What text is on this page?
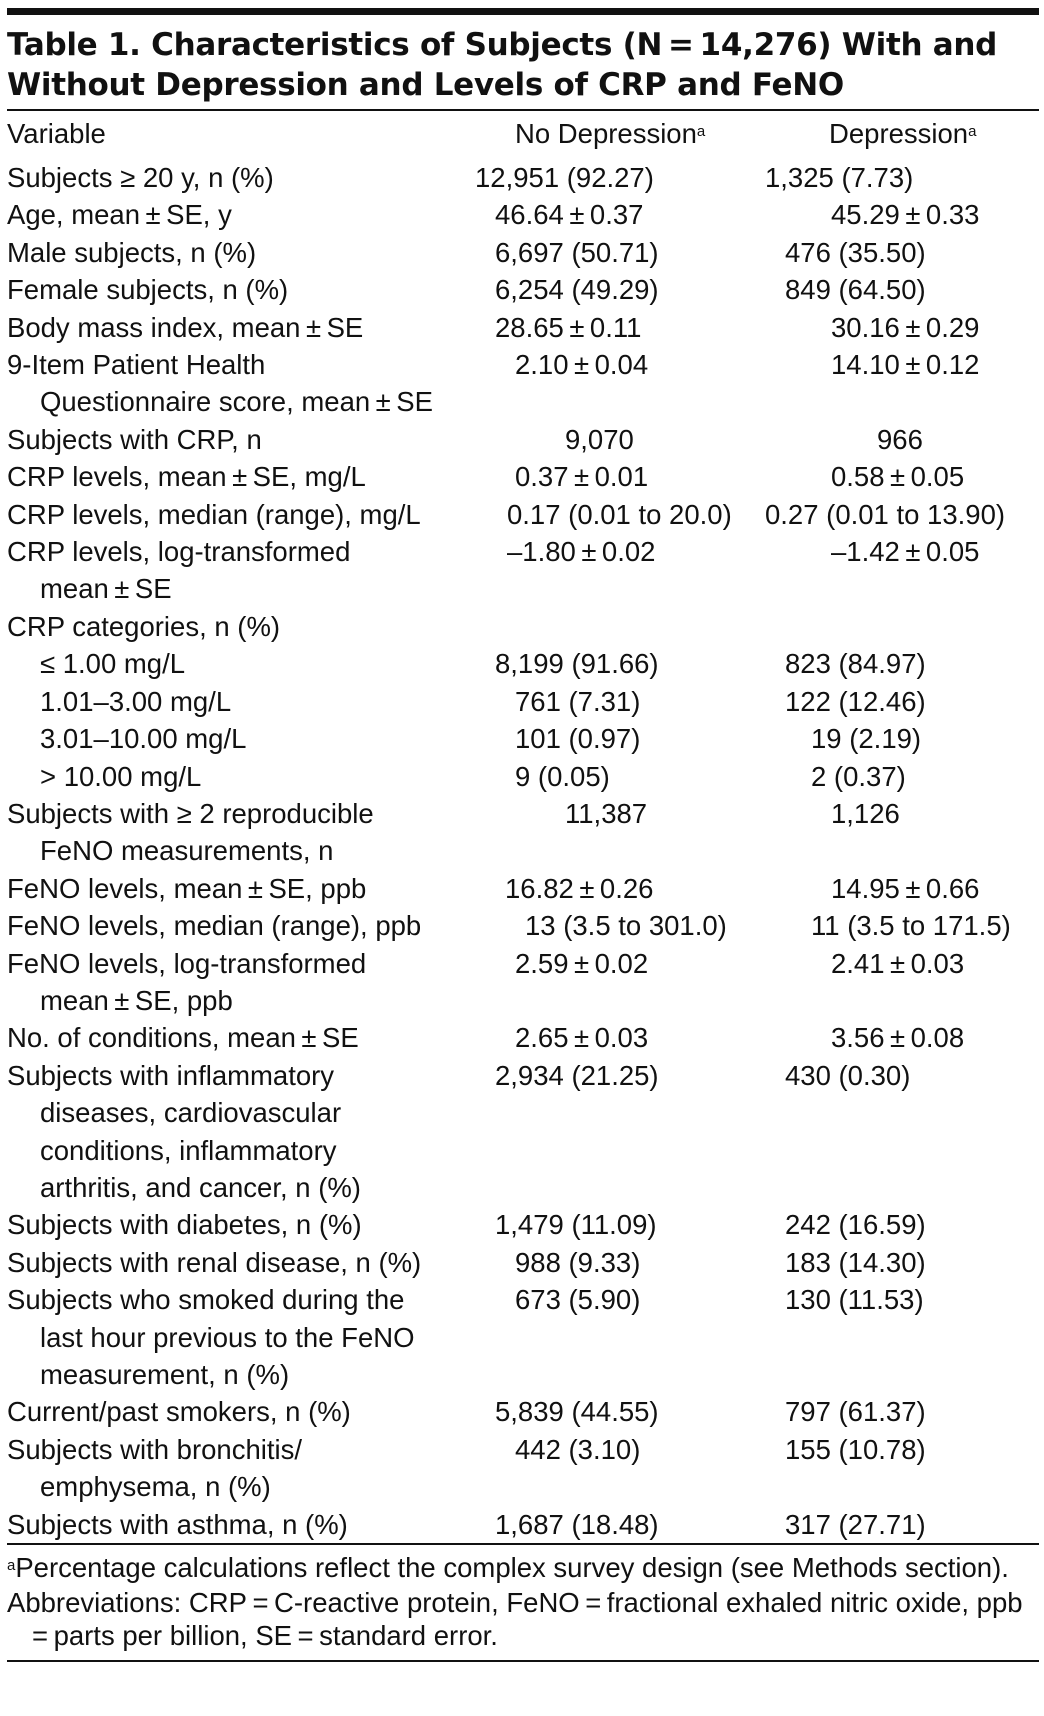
Table 1. Characteristics of Subjects (N = 14,276) With and
Without Depression and Levels of CRP and FeNO
Variable	No Depression$^a$	Depression$^a$
Subjects ≥ 20 y, n (%)	12,951 (92.27)	1,325 (7.73)
Age, mean ± SE, y	46.64 ± 0.37	45.29 ± 0.33
Male subjects, n (%)	6,697 (50.71)	476 (35.50)
Female subjects, n (%)	6,254 (49.29)	849 (64.50)
Body mass index, mean ± SE	28.65 ± 0.11	30.16 ± 0.29
9-Item Patient Health
Questionnaire score, mean ± SE	2.10 ± 0.04	14.10 ± 0.12
Subjects with CRP, n	9,070	966
CRP levels, mean ± SE, mg/L	0.37 ± 0.01	0.58 ± 0.05
CRP levels, median (range), mg/L	0.17 (0.01 to 20.0)	0.27 (0.01 to 13.90)
CRP levels, log-transformed
mean ± SE	–1.80 ± 0.02	–1.42 ± 0.05
CRP categories, n (%)		
≤ 1.00 mg/L	8,199 (91.66)	823 (84.97)
1.01–3.00 mg/L	761 (7.31)	122 (12.46)
3.01–10.00 mg/L	101 (0.97)	19 (2.19)
> 10.00 mg/L	9 (0.05)	2 (0.37)
Subjects with ≥ 2 reproducible
FeNO measurements, n	11,387	1,126
FeNO levels, mean ± SE, ppb	16.82 ± 0.26	14.95 ± 0.66
FeNO levels, median (range), ppb	13 (3.5 to 301.0)	11 (3.5 to 171.5)
FeNO levels, log-transformed
mean ± SE, ppb	2.59 ± 0.02	2.41 ± 0.03
No. of conditions, mean ± SE	2.65 ± 0.03	3.56 ± 0.08
Subjects with inflammatory
diseases, cardiovascular
conditions, inflammatory
arthritis, and cancer, n (%)	2,934 (21.25)	430 (0.30)
Subjects with diabetes, n (%)	1,479 (11.09)	242 (16.59)
Subjects with renal disease, n (%)	988 (9.33)	183 (14.30)
Subjects who smoked during the
last hour previous to the FeNO
measurement, n (%)	673 (5.90)	130 (11.53)
Current/past smokers, n (%)	5,839 (44.55)	797 (61.37)
Subjects with bronchitis/
emphysema, n (%)	442 (3.10)	155 (10.78)
Subjects with asthma, n (%)	1,687 (18.48)	317 (27.71)

$^a$Percentage calculations reflect the complex survey design (see Methods section).

Abbreviations: CRP = C-reactive protein, FeNO = fractional exhaled nitric oxide, ppb = parts per billion, SE = standard error.
